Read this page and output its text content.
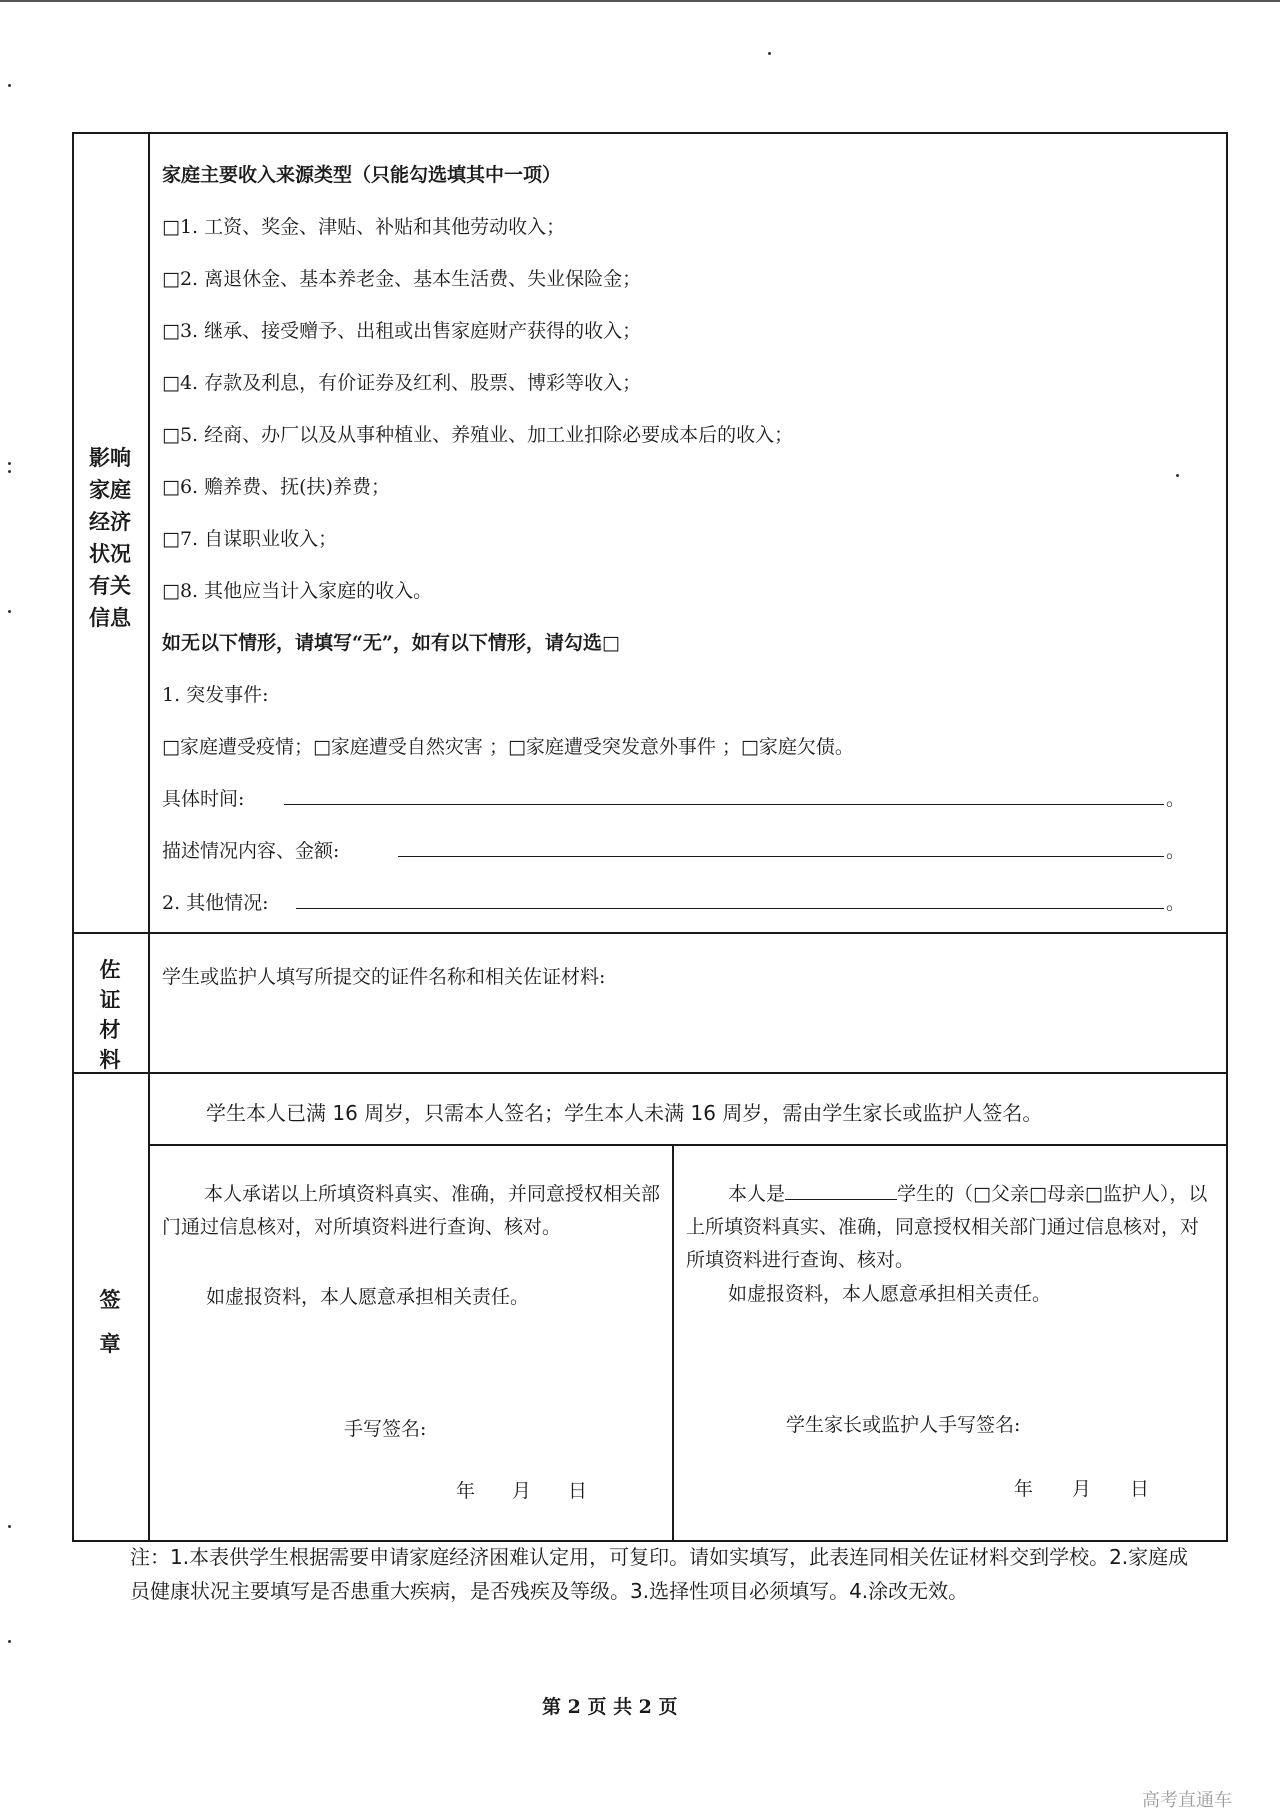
影响
家庭
经济
状况
有关
信息
家庭主要收入来源类型（只能勾选填其中一项）
□1. 工资、奖金、津贴、补贴和其他劳动收入；
□2. 离退休金、基本养老金、基本生活费、失业保险金；
□3. 继承、接受赠予、出租或出售家庭财产获得的收入；
□4. 存款及利息，有价证券及红利、股票、博彩等收入；
□5. 经商、办厂以及从事种植业、养殖业、加工业扣除必要成本后的收入；
□6. 赡养费、抚(扶)养费；
□7. 自谋职业收入；
□8. 其他应当计入家庭的收入。
如无以下情形，请填写“无”，如有以下情形，请勾选□
1. 突发事件:
□家庭遭受疫情；□家庭遭受自然灾害 ；□家庭遭受突发意外事件 ；□家庭欠债。
具体时间:	。
描述情况内容、金额:	。
2. 其他情况:	。
佐
证
材
料
学生或监护人填写所提交的证件名称和相关佐证材料:
签
章
学生本人已满 16 周岁，只需本人签名；学生本人未满 16 周岁，需由学生家长或监护人签名。
本人承诺以上所填资料真实、准确，并同意授权相关部门通过信息核对，对所填资料进行查询、核对。
如虚报资料，本人愿意承担相关责任。
手写签名:
年 月 日
本人是	学生的（□父亲□母亲□监护人），以上所填资料真实、准确，同意授权相关部门通过信息核对，对所填资料进行查询、核对。
如虚报资料，本人愿意承担相关责任。
学生家长或监护人手写签名:
年 月 日
注：1.本表供学生根据需要申请家庭经济困难认定用，可复印。请如实填写，此表连同相关佐证材料交到学校。2.家庭成员健康状况主要填写是否患重大疾病，是否残疾及等级。3.选择性项目必须填写。4.涂改无效。
第 2 页 共 2 页
高考直通车
